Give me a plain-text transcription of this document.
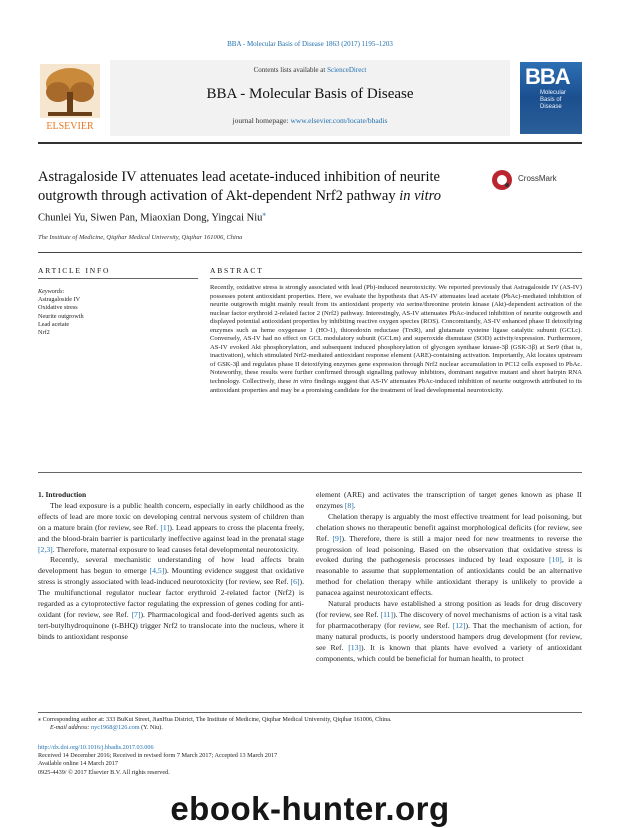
BBA - Molecular Basis of Disease 1863 (2017) 1195–1203
ELSEVIER
Contents lists available at ScienceDirect
BBA - Molecular Basis of Disease
journal homepage: www.elsevier.com/locate/bbadis
BBA
Molecular
Basis of
Disease
Astragaloside IV attenuates lead acetate-induced inhibition of neurite outgrowth through activation of Akt-dependent Nrf2 pathway in vitro
CrossMark
Chunlei Yu, Siwen Pan, Miaoxian Dong, Yingcai Niu⁎
The Institute of Medicine, Qiqihar Medical University, Qiqihar 161006, China
ARTICLE INFO	ABSTRACT
Keywords:
Astragaloside IV
Oxidative stress
Neurite outgrowth
Lead acetate
Nrf2
Recently, oxidative stress is strongly associated with lead (Pb)-induced neurotoxicity. We reported previously that Astragaloside IV (AS-IV) possesses potent antioxidant properties. Here, we evaluate the hypothesis that AS-IV attenuates lead acetate (PbAc)-mediated inhibition of neurite outgrowth might mainly result from its antioxidant property via serine/threonine protein kinase (Akt)-dependent activation of the nuclear factor erythroid 2-related factor 2 (Nrf2) pathway. Interestingly, AS-IV attenuates PbAc-induced inhibition of neurite outgrowth and displayed potential antioxidant properties by inhibiting reactive oxygen species (ROS). Concomitantly, AS-IV enhanced phase II detoxifying enzymes such as heme oxygenase 1 (HO-1), thioredoxin reductase (TrxR), and glutamate cysteine ligase catalytic subunit (GCLc). Conversely, AS-IV had no effect on GCL modulatory subunit (GCLm) and superoxide dismutase (SOD) activity/expression. Furthermore, AS-IV evoked Akt phosphorylation, and subsequent induced phosphorylation of glycogen synthase kinase-3β (GSK-3β) at Ser9 (that is, inactivation), which stimulated Nrf2-mediated antioxidant response element (ARE)-containing activation. Importantly, Akt locates upstream of GSK-3β and regulates phase II detoxifying enzymes gene expression through Nrf2 nuclear accumulation in PC12 cells exposed to PbAc. Noteworthy, these results were further confirmed through signalling pathway inhibitors, dominant negative mutant and short hairpin RNA technology. Collectively, these in vitro findings suggest that AS-IV attenuates PbAc-induced inhibition of neurite outgrowth attributed to its antioxidant properties and may be a promising candidate for the treatment of lead developmental neurotoxicity.

1. Introduction

The lead exposure is a public health concern, especially in early childhood as the effects of lead are more toxic on developing central nervous system of children than on a mature brain (for review, see Ref. [1]). Lead appears to cross the placenta freely, and the blood-brain barrier is particularly ineffective against lead in the prenatal stage [2,3]. Therefore, maternal exposure to lead causes fetal developmental neurotoxicity.

Recently, several mechanistic understanding of how lead affects brain development has begun to emerge [4,5]). Mounting evidence suggest that oxidative stress is strongly associated with lead-induced neurotoxicity (for review, see Ref. [6]). The multifunctional regulator nuclear factor erythroid 2-related factor (Nrf2) is regarded as a cytoprotective factor regulating the expression of genes coding for anti-oxidant (for review, see Ref. [7]). Pharmacological and food-derived agents such as tert-butylhydroquinone (t-BHQ) trigger Nrf2 to translocate into the nucleus, where it binds to antioxidant response

element (ARE) and activates the transcription of target genes known as phase II enzymes [8].

Chelation therapy is arguably the most effective treatment for lead poisoning, but chelation shows no therapeutic benefit against morphological deficits (for review, see Ref. [9]). Therefore, there is still a major need for new treatments to reverse the progression of lead poisoning. Based on the observation that oxidative stress is evoked during the pathogenesis processes induced by lead exposure [10], it is reasonable to assume that supplementation of antioxidants could be an alternative method for chelation therapy while antioxidant therapy is unlikely to provide a panacea against neurotoxicant effects.

Natural products have established a strong position as leads for drug discovery (for review, see Ref. [11]). The discovery of novel mechanisms of action is a vital task for pharmacotherapy (for review, see Ref. [12]). That the mechanism of action, for many natural products, is poorly understood hampers drug development (for review, see Ref. [13]). It is known that plants have evolved a variety of antioxidant components, which could be beneficial for human health, to protect

⁎ Corresponding author at: 333 BuKui Street, JianHua District, The Institute of Medicine, Qiqihar Medical University, Qiqihar 161006, China.
E-mail address: nyc1968@126.com (Y. Niu).
http://dx.doi.org/10.1016/j.bbadis.2017.03.006
Received 14 December 2016; Received in revised form 7 March 2017; Accepted 13 March 2017
Available online 14 March 2017
0925-4439/ © 2017 Elsevier B.V. All rights reserved.
ebook-hunter.org
